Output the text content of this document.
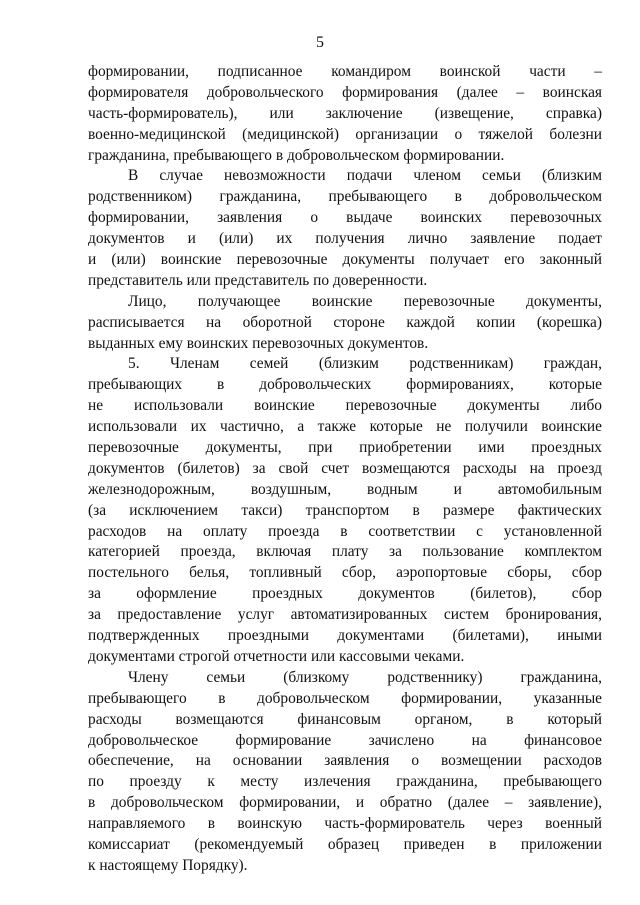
5
формировании, подписанное командиром воинской части –
формирователя добровольческого формирования (далее – воинская
часть-формирователь), или заключение (извещение, справка)
военно-медицинской (медицинской) организации о тяжелой болезни
гражданина, пребывающего в добровольческом формировании.
В случае невозможности подачи членом семьи (близким
родственником) гражданина, пребывающего в добровольческом
формировании, заявления о выдаче воинских перевозочных
документов и (или) их получения лично заявление подает
и (или) воинские перевозочные документы получает его законный
представитель или представитель по доверенности.
Лицо, получающее воинские перевозочные документы,
расписывается на оборотной стороне каждой копии (корешка)
выданных ему воинских перевозочных документов.
5. Членам семей (близким родственникам) граждан,
пребывающих в добровольческих формированиях, которые
не использовали воинские перевозочные документы либо
использовали их частично, а также которые не получили воинские
перевозочные документы, при приобретении ими проездных
документов (билетов) за свой счет возмещаются расходы на проезд
железнодорожным, воздушным, водным и автомобильным
(за исключением такси) транспортом в размере фактических
расходов на оплату проезда в соответствии с установленной
категорией проезда, включая плату за пользование комплектом
постельного белья, топливный сбор, аэропортовые сборы, сбор
за оформление проездных документов (билетов), сбор
за предоставление услуг автоматизированных систем бронирования,
подтвержденных проездными документами (билетами), иными
документами строгой отчетности или кассовыми чеками.
Члену семьи (близкому родственнику) гражданина,
пребывающего в добровольческом формировании, указанные
расходы возмещаются финансовым органом, в который
добровольческое формирование зачислено на финансовое
обеспечение, на основании заявления о возмещении расходов
по проезду к месту излечения гражданина, пребывающего
в добровольческом формировании, и обратно (далее – заявление),
направляемого в воинскую часть-формирователь через военный
комиссариат (рекомендуемый образец приведен в приложении
к настоящему Порядку).
